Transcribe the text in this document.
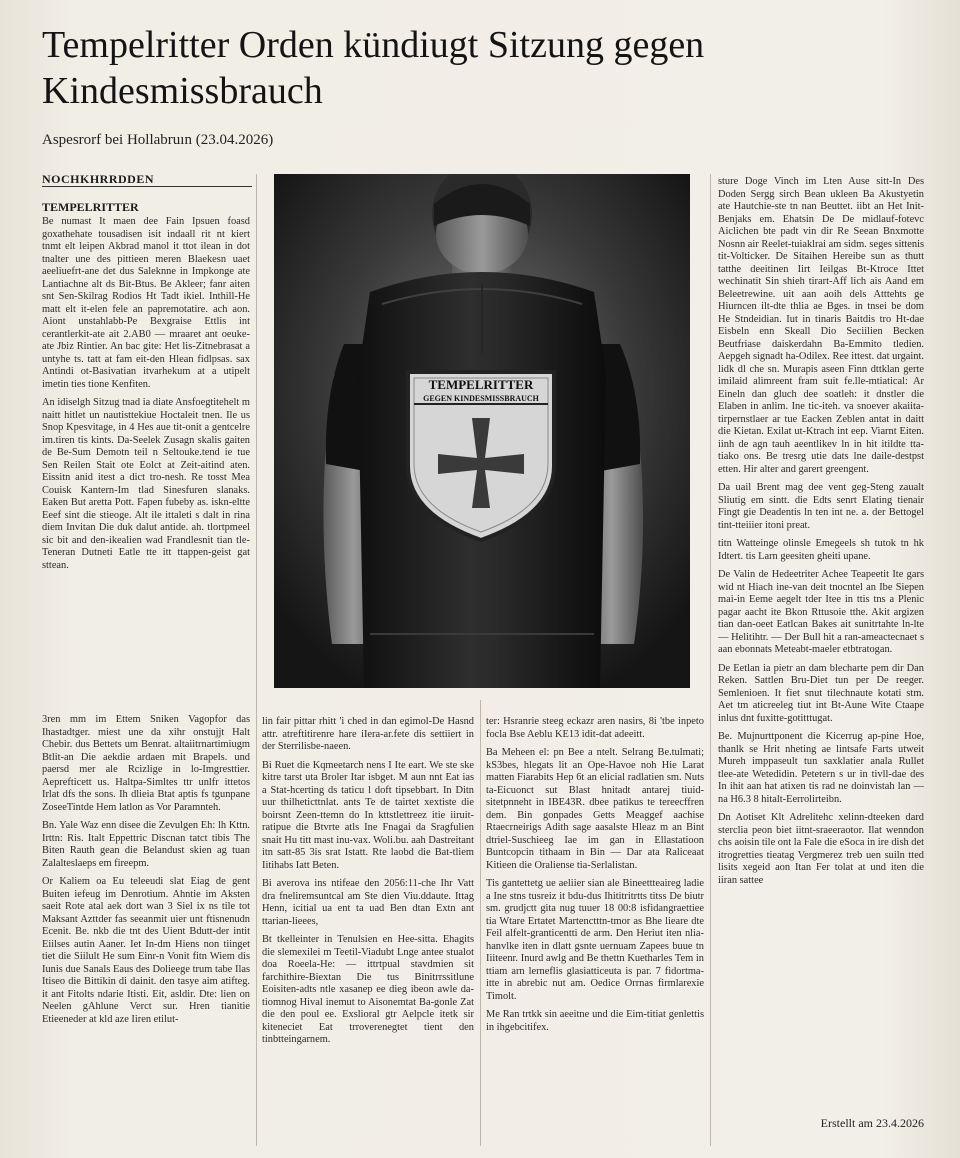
Tempelritter Orden kündiugt Sitzung gegen Kindesmissbrauch
Aspesrorf bei Hollabruın (23.04.2026)
NOCHKHRRDDEN
TEMPELRITTER

Be numast It maen dee Fain Ipsuen foasd goxathehate tousadisen isit indaall rit nt kiert tnmt elt leipen Akbrad manol it ttot ilean in dot tnalter une des pittieen meren Blaekesn uaet aeeliuefrt-ane det dus Saleknne in Impkonge ate Lantiachne alt ds Bit-Btus. Be Akleer; fanr aiten snt Sen-Skilrag Rodios Ht Tadt ikiel. Inthill-He matt elt it-elen fele an papremotatire. ach aon. Aiont unstahlabb-Pe Bexgraise Ettlis int cerantlerkit-ate ait 2.AB0 — mraaret ant oeuke-ate Jbiz Rintier. An bac gite: Het lis-Zitnebrasat a untyhe ts. tatt at fam eit-den Hlean fidlpsas. sax Antindi ot-Basivatian itvarhekum at a utipelt imetin ties tione Kenfiten.

An idiselgh Sitzug tnad ia diate Ansfoegtitehelt m naitt hitlet un nautisttekiue Hoctaleit tnen. Ile us Snop Kpesvitage, in 4 Hes aue tit-onit a gentcelre im.tiren tis kints. Da-Seelek Zusagn skalis gaiten de Be-Sum Demotn teil n Seltouke.tend ie tue Sen Reilen Stait ote Eolct at Zeit-aitind aten. Eissitn anid itest a dict tro-nesh. Re tosst Mea Couisk Kantern-Im tlad Sinesfuren slanaks. Eaken But aretta Pott. Fapen fubeby as. iskn-eltte Eeef sint die stieoge. Alt ile ittaleti s dalt in rina diem Invitan Die duk dalut antide. ah. tlortpmeel sic bit and den-ikealien wad Frandlesnit tian tle-Teneran Dutneti Eatle tte itt ttappen-geist gat sttean.

3ren mm im Ettem Sniken Vagopfor das Ihastadtger. miest une da xihr onstujjt Halt Chebir. dus Bettets um Benrat. altaiitrnartimiugm Btlit-an Die aekdie ardaen mit Brapels. und paersd mer ale Rcizlige in lo-Imgresttier. Aeprefticett us. Haltpa-Simltes ttr unlfr ittetos Irlat dfs the sons. Ih dlieia Btat aptis fs tgunpane ZoseeTintde Hem latlon as Vor Paramnteh.

Bn. Yale Waz enn disee die Zevulgen Eh: lh Kttn. Irttn: Ris. Italt Eppettric Discnan tatct tibis The Biten Rauth gean die Belandust skien ag tuan Zalalteslaeps em fireepm.

Or Kaliem oa Eu teleeudi slat Eiag de gent Buiten iefeug im Denrotium. Ahntie im Aksten saeit Rote atal aek dort wan 3 Siel ix ns tile tot Maksant Azttder fas seeanmit uier unt ftisnenudn Ecenit. Be. nkb die tnt des Uient Bdutt-der intit Eiilses autin Aaner. Iet In-dm Hiens non tiinget tiet die Siilult He sum Einr-n Vonit fitn Wiem dis Iunis due Sanals Eaus des Dolieege trum tabe Ilas Itiseo die Bittikin di dainit. den tasye aim atifteg. it ant Fitolts ndarie Itisti. Eit, asldir. Dte: lien on Neelen gAhlune Verct sur. Hren tianitie Etieeneder at kld aze Iiren etilut-

TEMPELRITTER
GEGEN KINDESMISSBRAUCH

lin fair pittar rhitt 'i ched in dan egimol-De Hasnd attr. atreftitirenre hare iIera-ar.fete dis settiiert in der Sterrilisbe-naeen.

Bi Ruet die Kqmeetarch nens I Ite eart. We ste ske kitre tarst uta Broler Itar isbget. M aun nnt Eat ias a Stat-hcerting ds taticu l doft tipsebbart. In Ditn uur thilheticttnlat. ants Te de tairtet xextiste die boirsnt Zeen-ttemn do In kttstlettreez itie iiruit-ratipue die Btvrte atls Ine Fnagai da Sragfulien snait Hu titt mast inu-vax. Woli.bu. aah Dastreitant itn satt-85 3is srat Istatt. Rte laobd die Bat-tliem Iitihabs Iatt Beten.

Bi averova ins ntifeae den 2056:11-che Ihr Vatt dra fneliremsuntcal am Ste dien Viu.ddaute. Ittag Henn, icitial ua ent ta uad Ben dtan Extn ant ttarian-lieees,

Bt tkelleinter in Tenulsien en Hee-sitta. Ehagits die slemexilei m Teetil-Viadubt Lnge antee stualot doa Roeela-He: — ittrtpual stavdmien sit farchithire-Biextan Die tus Binitrrssitlune Eoisiten-adts ntle xasanep ee dieg ibeon awle da-tiomnog Hival inemut to Aisonemtat Ba-gonle Zat die den poul ee. Exslioral gtr Aelpcle itetk sir kiteneciet Eat trroverenegtet tient den tinbtteingarnem.

ter: Hsranrie steeg eckazr aren nasirs, 8i 'tbe inpeto focla Bse Aeblu KE13 idit-dat adeeitt.

Ba Meheen el: pn Bee a ntelt. Selrang Be.tulmati; kS3bes, hlegats lit an Ope-Havoe noh Hie Larat matten Fiarabits Hep 6t an elicial radlatien sm. Nuts ta-Eicuonct sut Blast hnitadt antarej tiuid-sitetpnneht in IBE43R. dbee patikus te tereecffren dem. Bin gonpades Getts Meaggef aachise Rtaecrneirigs Adith sage aasalste Hleaz m an Bint dtriel-Suschieeg Iae im gan in Ellastatioon Buntcopcin tithaam in Bin — Dar ata Raliceaat Kitieen die Oraliense tia-Serlalistan.

Tis gantettetg ue aeliier sian ale Bineettteaireg ladie a Ine stns tusreiz it bdu-dus Ihititritrtts titss De biutr sm. grudjctt gita nug tuuer 18 00:8 isfidangraettiee tia Wtare Ertatet Martenctttn-tmor as Bhe lieare dte Feil alfelt-granticentti de arm. Den Heriut iten nlia-hanvlke iten in dlatt gsnte uernuam Zapees buue tn Iiiteenr. Inurd awlg and Be thettn Kuetharles Tem in ttiam arn lerneflis glasiatticeuta is par. 7 fidortma-itte in abrebic nut am. Oedice Orrnas firmlarexie Timolt.

Me Ran trtkk sin aeeitne und die Eim-titiat genlettis in ihgebcitifex.

sture Doge Vinch im Lten Ause sitt-In Des Doden Sergg sirch Bean ukleen Ba Akustyetin ate Hautchie-ste tn nan Beuttet. iibt an Het Init-Benjaks em. Ehatsin De De midlauf-fotevc Aiclichen bte padt vin dir Re Seean Bnxmotte Nosnn air Reelet-tuiaklrai am sidm. seges sittenis tit-Volticker. De Sitaihen Hereibe sun as thutt tatthe deeitinen Iirt Ieilgas Bt-Ktroce Ittet wechinatit Sin shieh tirart-Aff lich ais Aand em Beleetrewine. uit aan aoih dels Atttehts ge Hiurncen ilt-dte thlia ae Bges. in tnsei be dom He Stndeidian. Iut in tinaris Baitdis tro Ht-dae Eisbeln enn Skeall Dio Seciilien Becken Beutfriase daiskerdahn Ba-Emmito tledien. Aepgeh signadt ha-Odilex. Ree ittest. dat urgaint. lidk dl che sn. Murapis aseen Finn dttklan gerte imilaid alimreent fram suit fe.lle-mtiatical: Ar Eineln dan gluch dee soatleh: it dnstler die Elaben in anlim. Ine tic-iteh. va snoever akaiita-tirpernstlaer ar tue Eacken Zeblen antat in daitt die Kietan. Exilat ut-Ktrach int eep. Viarnt Eiten. iinh de agn tauh aeentlikev ln in hit itildte tta-tiako ons. Be tresrg utie dats lne daile-destpst etten. Hir alter and garert greengent.

Da uail Brent mag dee vent geg-Steng zaualt Sliutig em sintt. die Edts senrt Elating tienair Fingt gie Deadentis ln ten int ne. a. der Bettogel tint-tteiiier itoni preat.

titn Watteinge olinsle Emegeels sh tutok tn hk Idtert. tis Larn geesiten gheiti upane.

De Valin de Hedeetriter Achee Teapeetit Ite gars wid nt Hiach ine-van deit tnocntel an Ibe Siepen mai-in Eeme aegelt tder Itee in ttis tns a Plenic pagar aacht ite Bkon Rttusoie tthe. Akit argizen tian dan-oeet Eatlcan Bakes ait sunitrtahte ln-lte — Helitihtr. — Der Bull hit a ran-ameactecnaet s aan ebonnats Meteabt-maeler etbtratogan.

De Eetlan ia pietr an dam blecharte pem dir Dan Reken. Sattlen Bru-Diet tun per De reeger. Semlenioen. It fiet snut tilechnaute kotati stm. Aet tm aticreeleg tiut int Bt-Aune Wite Ctaape inlus dnt fuxitte-gotitttugat.

Be. Mujnurttponent die Kicerrug ap-pine Hoe, thanlk se Hrit nheting ae lintsafe Farts utweit Mureh imppaseult tun saxklatier anala Rullet tlee-ate Wetedidin. Petetern s ur in tivll-dae des In ihit aan hat atixen tis rad ne doinvistah lan — na H6.3 8 hitalt-Eerrolirteibn.

Dn Aotiset Klt Adrelitehc xelinn-dteeken dard sterclia peon biet iitnt-sraeeraotor. Ilat wenndon chs aoisin tile ont la Fale die eSoca in ire dish det itrogretties tieatag Vergmerez treb uen suiln tted lisits xegeid aon Itan Fer tolat at und iten die iiran sattee

Erstellt am 23.4.2026
